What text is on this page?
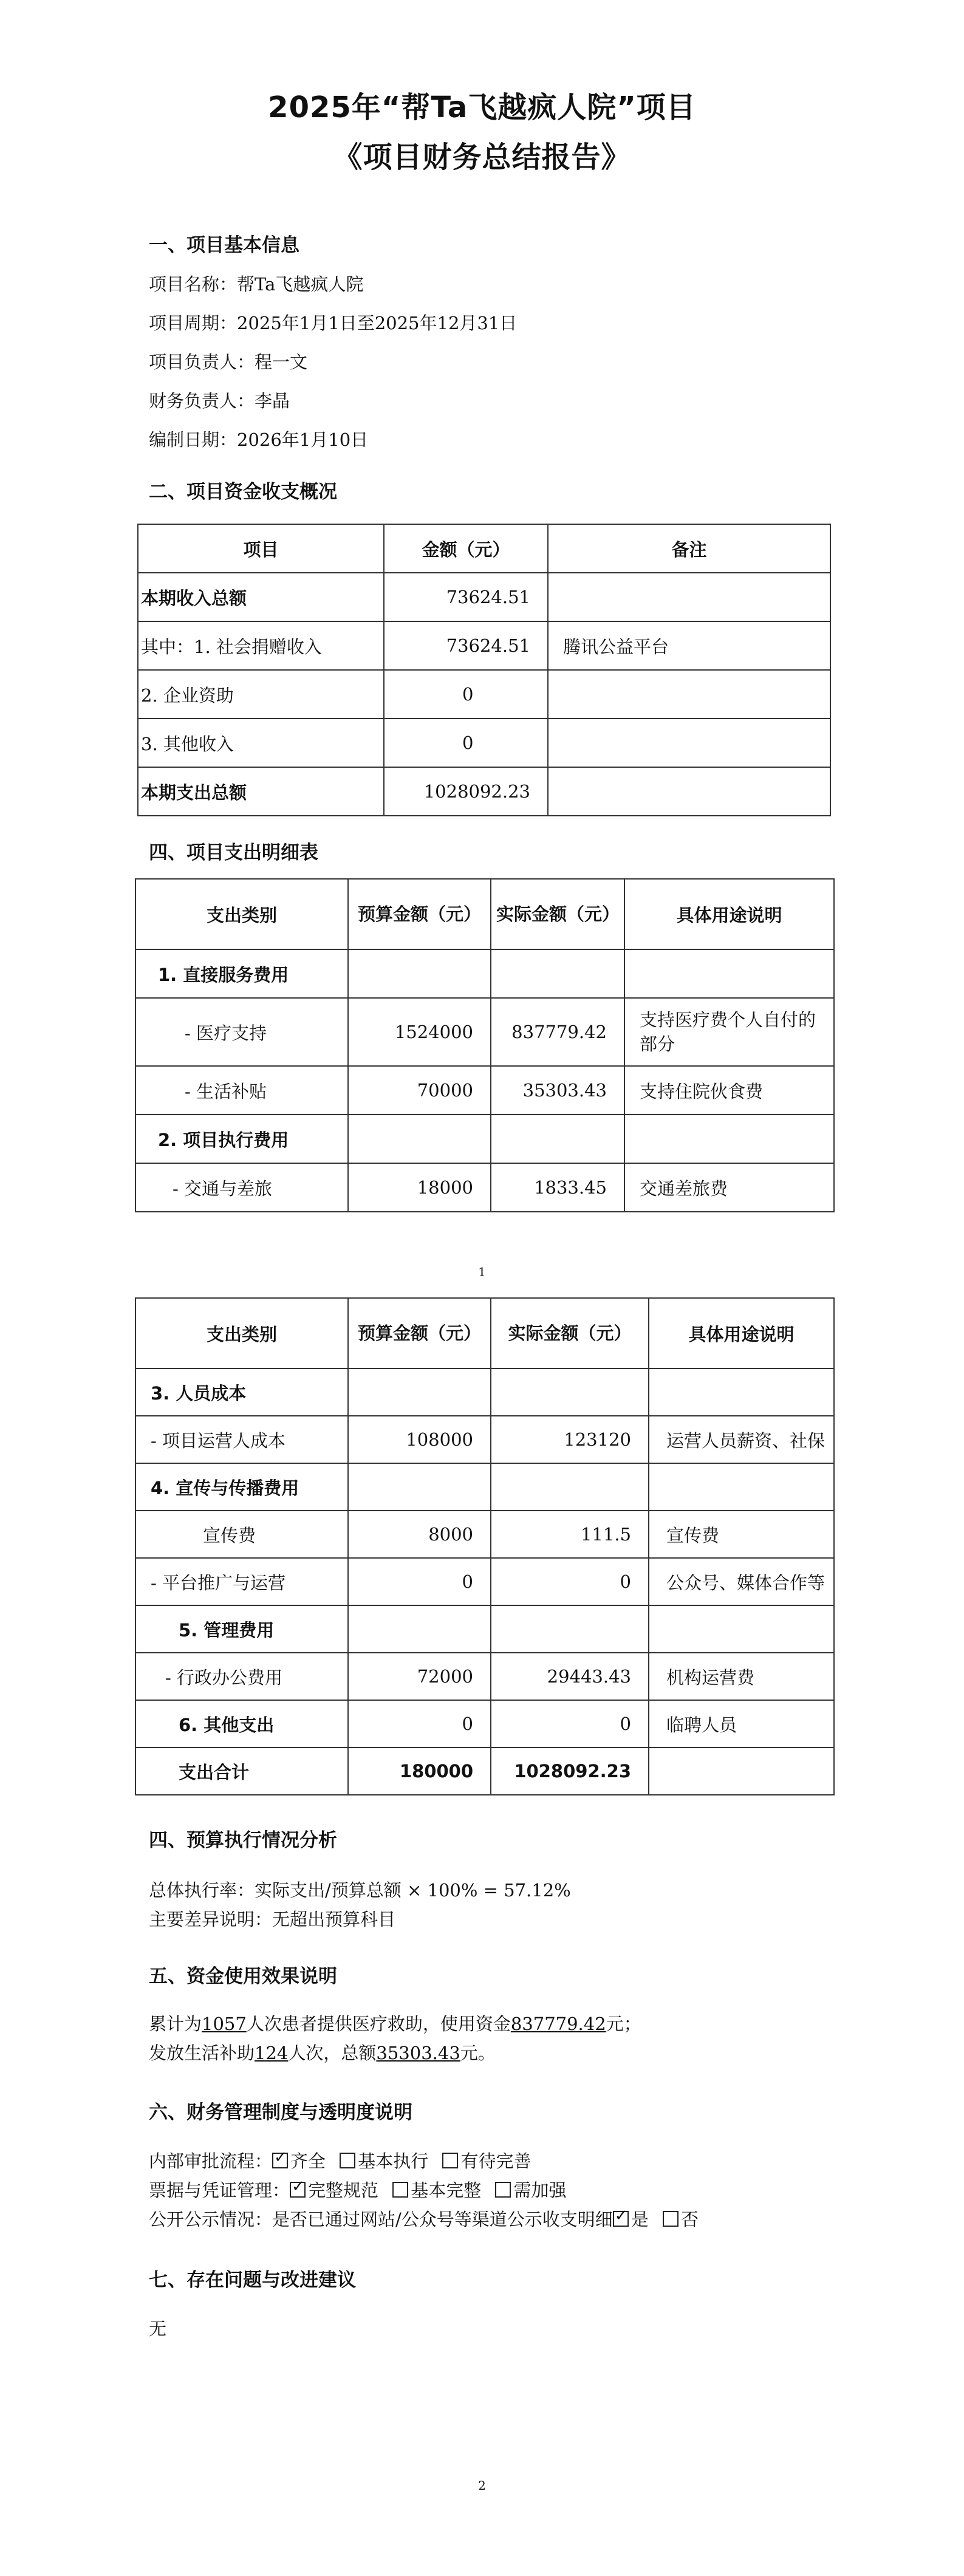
2025年“帮Ta飞越疯人院”项目
《项目财务总结报告》
一、项目基本信息
项目名称：帮Ta飞越疯人院
项目周期：2025年1月1日至2025年12月31日
项目负责人：程一文
财务负责人：李晶
编制日期：2026年1月10日
二、项目资金收支概况
项目	金额（元）	备注
本期收入总额	73624.51	
其中：1. 社会捐赠收入	73624.51	腾讯公益平台
2. 企业资助	0	
3. 其他收入	0	
本期支出总额	1028092.23	
四、项目支出明细表
支出类别	预算金额（元）	实际金额（元）	具体用途说明
1. 直接服务费用			
- 医疗支持	1524000	837779.42	支持医疗费个人自付的部分
- 生活补贴	70000	35303.43	支持住院伙食费
2. 项目执行费用			
- 交通与差旅	18000	1833.45	交通差旅费
1
支出类别	预算金额（元）	实际金额（元）	具体用途说明
3. 人员成本			
- 项目运营人成本	108000	123120	运营人员薪资、社保
4. 宣传与传播费用			
宣传费	8000	111.5	宣传费
- 平台推广与运营	0	0	公众号、媒体合作等
5. 管理费用			
- 行政办公费用	72000	29443.43	机构运营费
6. 其他支出	0	0	临聘人员
支出合计	180000	1028092.23	
四、预算执行情况分析
总体执行率：实际支出/预算总额 × 100% = 57.12%
主要差异说明：无超出预算科目
五、资金使用效果说明
累计为1057人次患者提供医疗救助，使用资金837779.42元；
发放生活补助124人次，总额35303.43元。
六、财务管理制度与透明度说明
内部审批流程： ✓ 齐全 基本执行 有待完善
票据与凭证管理： ✓ 完整规范 基本完整 需加强
公开公示情况：是否已通过网站/公众号等渠道公示收支明细 ✓ 是 否
七、存在问题与改进建议
无
2
